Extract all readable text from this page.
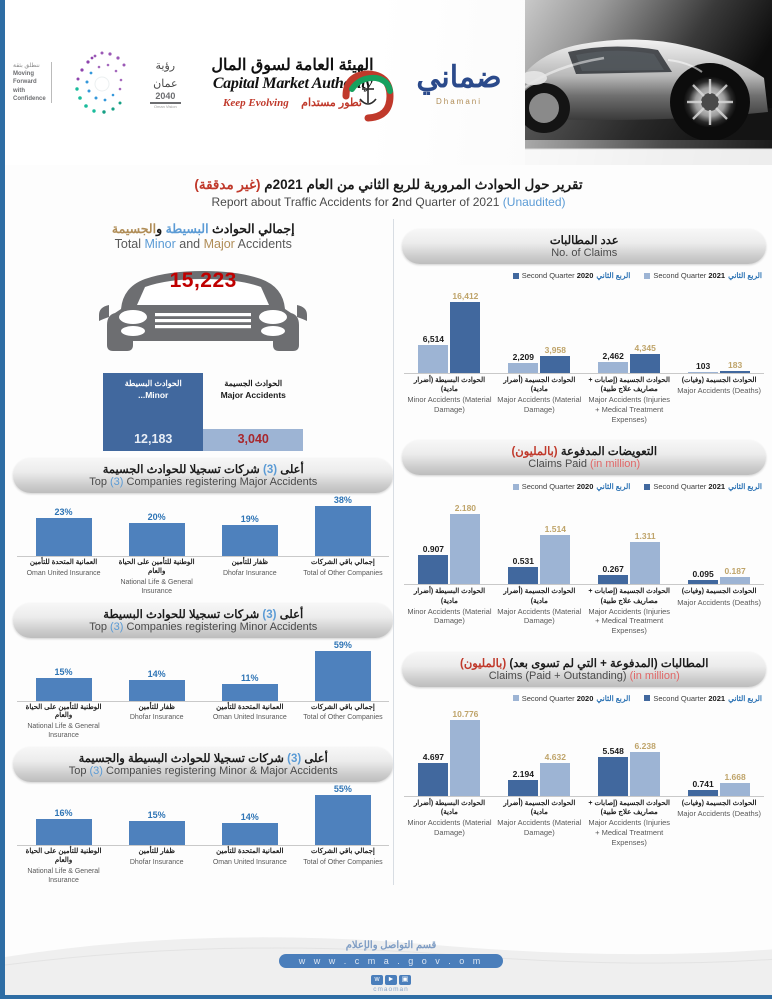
ننطلق بثقة
Moving Forward
with Confidence
رؤية عمان
2040
Oman Vision
الهيئة العامة لسوق المال
Capital Market Authority
Keep Evolving تطور مستدام
ضماني
Dhamani
تقرير حول الحوادث المرورية للربع الثاني من العام 2021م (غير مدققة)
Report about Traffic Accidents for 2nd Quarter of 2021 (Unaudited)
إجمالي الحوادث البسيطة والجسيمة
Total Minor and Major Accidents
15,223
الحوادث البسيطة
...Minor
12,183
الحوادث الجسيمة
Major Accidents
3,040
أعلى (3) شركات تسجيلا للحوادث الجسيمة
Top (3) Companies registering Major Accidents
23%	20%	19%
38%
العمانية المتحدة للتأمين
Oman United Insurance
الوطنية للتأمين على الحياة والعام
National Life & General Insurance
ظفار للتأمين
Dhofar Insurance
إجمالي باقي الشركات
Total of Other Companies
أعلى (3) شركات تسجيلا للحوادث البسيطة
Top (3) Companies registering Minor Accidents
15%	14%	11%
59%
الوطنية للتأمين على الحياة والعام
National Life & General Insurance
ظفار للتأمين
Dhofar Insurance
العمانية المتحدة للتأمين
Oman United Insurance
إجمالي باقي الشركات
Total of Other Companies
أعلى (3) شركات تسجيلا للحوادث البسيطة والجسيمة
Top (3) Companies registering Minor & Major Accidents
16%	15%	14%
55%
الوطنية للتأمين على الحياة والعام
National Life & General Insurance
ظفار للتأمين
Dhofar Insurance
العمانية المتحدة للتأمين
Oman United Insurance
إجمالي باقي الشركات
Total of Other Companies
عدد المطالبات
No. of Claims
Second Quarter 2020 الربع الثاني	Second Quarter 2021 الربع الثاني
6,514
16,412
2,209
3,958
2,462
4,345
103 183
الحوادث البسيطة (أضرار مادية)
Minor Accidents (Material Damage)
الحوادث الجسيمة (أضرار مادية)
Major Accidents (Material Damage)
الحوادث الجسيمة (إصابات + مصاريف علاج طبية)
Major Accidents (Injuries + Medical Treatment Expenses)
الحوادث الجسيمة (وفيات)
Major Accidents (Deaths)
التعويضات المدفوعة (بالمليون)
Claims Paid (in million)
Second Quarter 2020 الربع الثاني	Second Quarter 2021 الربع الثاني
0.907
2.180
0.531
1.514
0.267
1.311
0.095 0.187
الحوادث البسيطة (أضرار مادية)
Minor Accidents (Material Damage)
الحوادث الجسيمة (أضرار مادية)
Major Accidents (Material Damage)
الحوادث الجسيمة (إصابات + مصاريف علاج طبية)
Major Accidents (Injuries + Medical Treatment Expenses)
الحوادث الجسيمة (وفيات)
Major Accidents (Deaths)
المطالبات (المدفوعة + التي لم تسوى بعد) (بالمليون)
Claims (Paid + Outstanding) (in million)
Second Quarter 2020 الربع الثاني	Second Quarter 2021 الربع الثاني
4.697
10.776
2.194
4.632
5.548 6.238
0.741
1.668
الحوادث البسيطة (أضرار مادية)
Minor Accidents (Material Damage)
الحوادث الجسيمة (أضرار مادية)
Major Accidents (Material Damage)
الحوادث الجسيمة (إصابات + مصاريف علاج طبية)
Major Accidents (Injuries + Medical Treatment Expenses)
الحوادث الجسيمة (وفيات)
Major Accidents (Deaths)
قسم التواصل والإعلام
w w w . c m a . g o v . o m
w ► ▣
cmaoman
